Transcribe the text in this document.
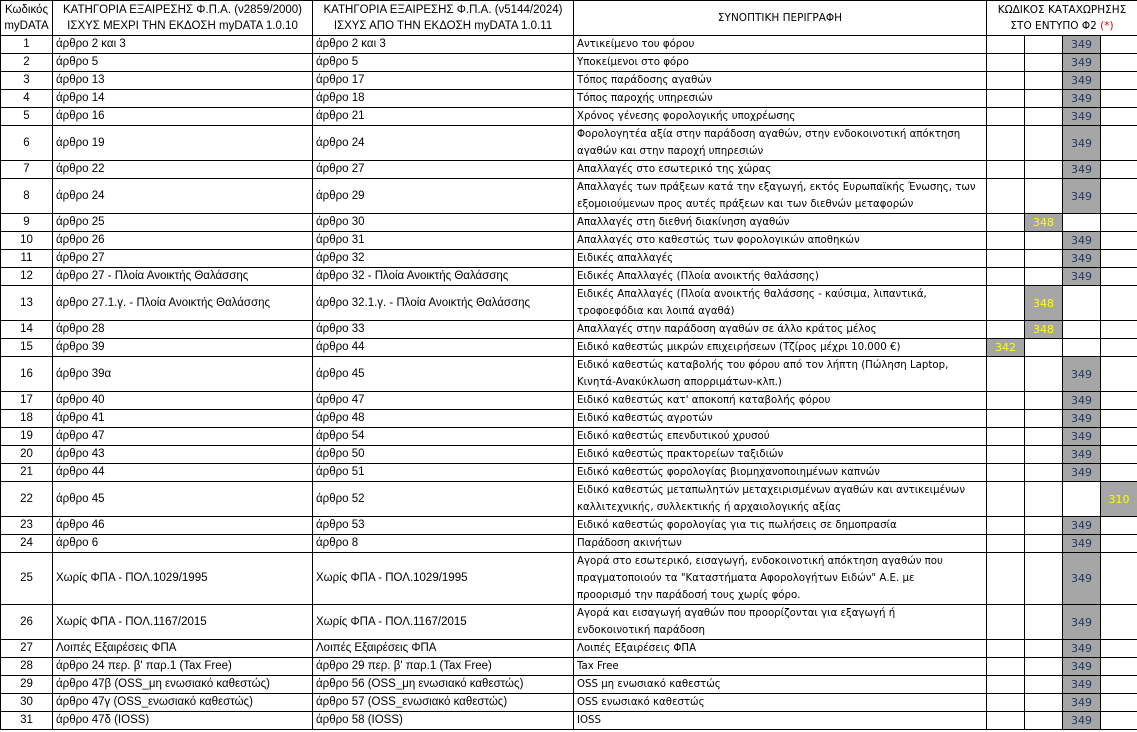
Κωδικός
myDATA	ΚΑΤΗΓΟΡΙΑ ΕΞΑΙΡΕΣΗΣ Φ.Π.Α. (ν2859/2000)
ΙΣΧΥΣ ΜΕΧΡΙ ΤΗΝ ΕΚΔΟΣΗ myDATA 1.0.10	ΚΑΤΗΓΟΡΙΑ ΕΞΑΙΡΕΣΗΣ Φ.Π.Α. (ν5144/2024)
ΙΣΧΥΣ ΑΠΟ ΤΗΝ ΕΚΔΟΣΗ myDATA 1.0.11	ΣΥΝΟΠΤΙΚΗ ΠΕΡΙΓΡΑΦΗ	ΚΩΔΙΚΟΣ ΚΑΤΑΧΩΡΗΣΗΣ
ΣΤΟ ΕΝΤΥΠΟ Φ2 (*)			
1	άρθρο 2 και 3	άρθρο 2 και 3	Αντικείμενο του φόρου			349	
2	άρθρο 5	άρθρο 5	Υποκείμενοι στο φόρο			349	
3	άρθρο 13	άρθρο 17	Τόπος παράδοσης αγαθών			349	
4	άρθρο 14	άρθρο 18	Τόπος παροχής υπηρεσιών			349	
5	άρθρο 16	άρθρο 21	Χρόνος γένεσης φορολογικής υποχρέωσης			349	
6	άρθρο 19	άρθρο 24	Φορολογητέα αξία στην παράδοση αγαθών, στην ενδοκοινοτική απόκτηση
αγαθών και στην παροχή υπηρεσιών			349	
7	άρθρο 22	άρθρο 27	Απαλλαγές στο εσωτερικό της χώρας			349	
8	άρθρο 24	άρθρο 29	Απαλλαγές των πράξεων κατά την εξαγωγή, εκτός Ευρωπαϊκής Ένωσης, των
εξομοιούμενων προς αυτές πράξεων και των διεθνών μεταφορών			349	
9	άρθρο 25	άρθρο 30	Απαλλαγές στη διεθνή διακίνηση αγαθών		348		
10	άρθρο 26	άρθρο 31	Απαλλαγές στο καθεστώς των φορολογικών αποθηκών			349	
11	άρθρο 27	άρθρο 32	Ειδικές απαλλαγές			349	
12	άρθρο 27 - Πλοία Ανοικτής Θαλάσσης	άρθρο 32 - Πλοία Ανοικτής Θαλάσσης	Ειδικές Απαλλαγές (Πλοία ανοικτής θαλάσσης)			349	
13	άρθρο 27.1.γ. - Πλοία Ανοικτής Θαλάσσης	άρθρο 32.1.γ. - Πλοία Ανοικτής Θαλάσσης	Ειδικές Απαλλαγές (Πλοία ανοικτής θαλάσσης - καύσιμα, λιπαντικά,
τροφοεφόδια και λοιπά αγαθά)		348		
14	άρθρο 28	άρθρο 33	Απαλλαγές στην παράδοση αγαθών σε άλλο κράτος μέλος		348		
15	άρθρο 39	άρθρο 44	Ειδικό καθεστώς μικρών επιχειρήσεων (Τζίρος μέχρι 10.000 €)	342			
16	άρθρο 39α	άρθρο 45	Ειδικό καθεστώς καταβολής του φόρου από τον λήπτη (Πώληση Laptop,
Κινητά-Ανακύκλωση απορριμάτων-κλπ.)			349	
17	άρθρο 40	άρθρο 47	Ειδικό καθεστώς κατ' αποκοπή καταβολής φόρου			349	
18	άρθρο 41	άρθρο 48	Ειδικό καθεστώς αγροτών			349	
19	άρθρο 47	άρθρο 54	Ειδικό καθεστώς επενδυτικού χρυσού			349	
20	άρθρο 43	άρθρο 50	Ειδικό καθεστώς πρακτορείων ταξιδιών			349	
21	άρθρο 44	άρθρο 51	Ειδικό καθεστώς φορολογίας βιομηχανοποιημένων καπνών			349	
22	άρθρο 45	άρθρο 52	Ειδικό καθεστώς μεταπωλητών μεταχειρισμένων αγαθών και αντικειμένων
καλλιτεχνικής, συλλεκτικής ή αρχαιολογικής αξίας				310
23	άρθρο 46	άρθρο 53	Ειδικό καθεστώς φορολογίας για τις πωλήσεις σε δημοπρασία			349	
24	άρθρο 6	άρθρο 8	Παράδοση ακινήτων			349	
25	Χωρίς ΦΠΑ - ΠΟΛ.1029/1995	Χωρίς ΦΠΑ - ΠΟΛ.1029/1995	Αγορά στο εσωτερικό, εισαγωγή, ενδοκοινοτική απόκτηση αγαθών που
πραγματοποιούν τα "Καταστήματα Αφορολογήτων Ειδών" Α.Ε. με
προορισμό την παράδοσή τους χωρίς φόρο.			349	
26	Χωρίς ΦΠΑ - ΠΟΛ.1167/2015	Χωρίς ΦΠΑ - ΠΟΛ.1167/2015	Αγορά και εισαγωγή αγαθών που προορίζονται για εξαγωγή ή
ενδοκοινοτική παράδοση			349	
27	Λοιπές Εξαιρέσεις ΦΠΑ	Λοιπές Εξαιρέσεις ΦΠΑ	Λοιπές Εξαιρέσεις ΦΠΑ			349	
28	άρθρο 24 περ. β' παρ.1 (Tax Free)	άρθρο 29 περ. β' παρ.1 (Tax Free)	Tax Free			349	
29	άρθρο 47β (OSS_μη ενωσιακό καθεστώς)	άρθρο 56 (OSS_μη ενωσιακό καθεστώς)	OSS μη ενωσιακό καθεστώς			349	
30	άρθρο 47γ (OSS_ενωσιακό καθεστώς)	άρθρο 57 (OSS_ενωσιακό καθεστώς)	OSS ενωσιακό καθεστώς			349	
31	άρθρο 47δ (IOSS)	άρθρο 58 (IOSS)	IOSS			349	
